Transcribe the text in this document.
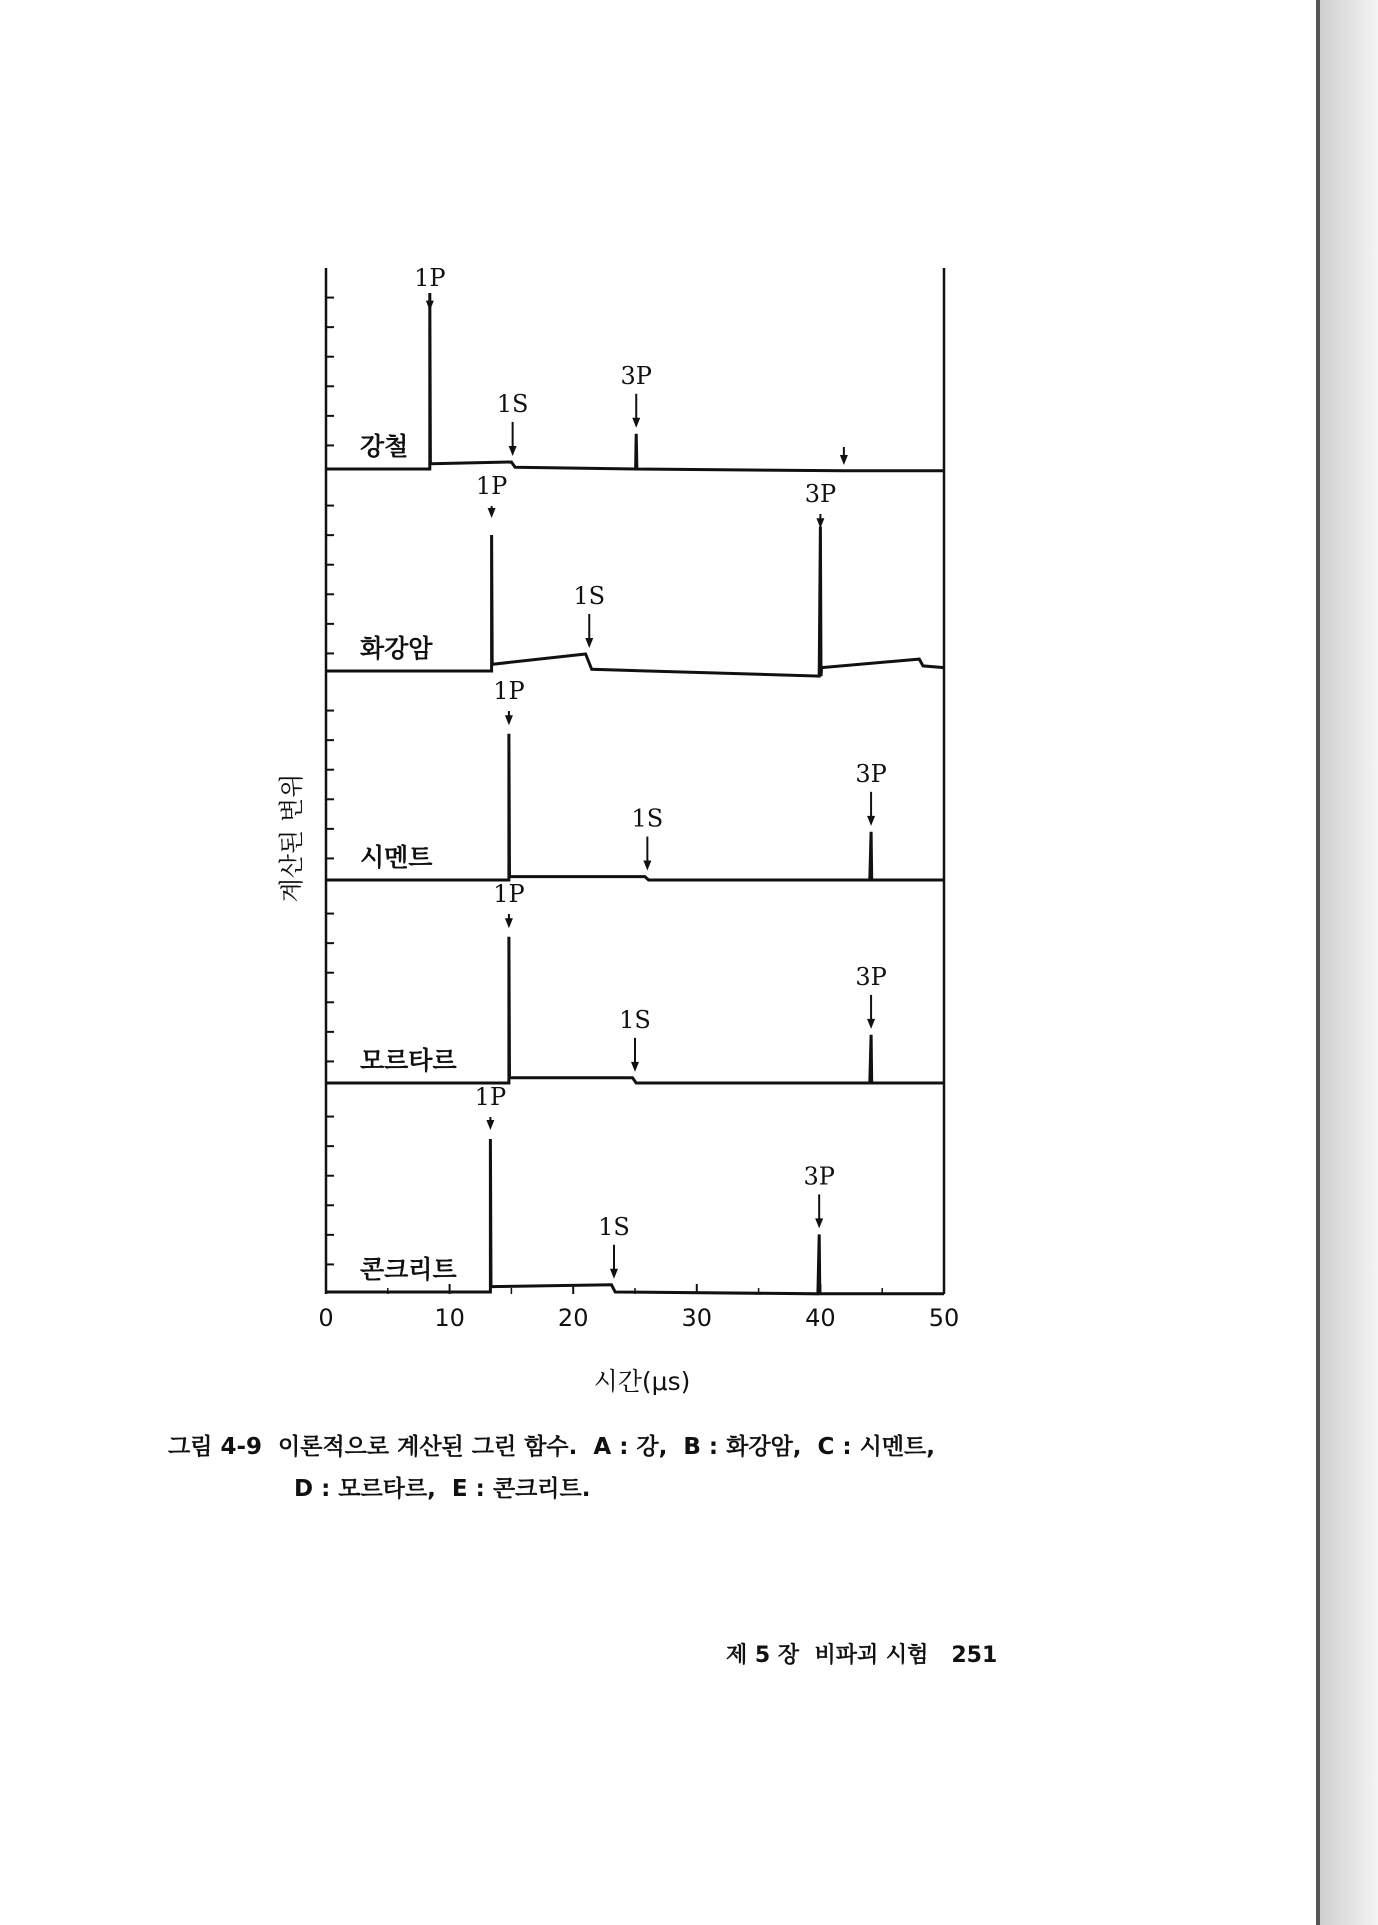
강철
1P
1S
3P
화강암
1P
1S
3P
시멘트
1P
1S
3P
모르타르
1P
1S
3P
콘크리트
1P
1S
3P
0	10	20	30	40	50
시간(μs)
계산된 변위
그림 4-9  이론적으로 계산된 그린 함수.  A : 강,  B : 화강암,  C : 시멘트,
D : 모르타르,  E : 콘크리트.
제 5 장  비파괴 시험   251
